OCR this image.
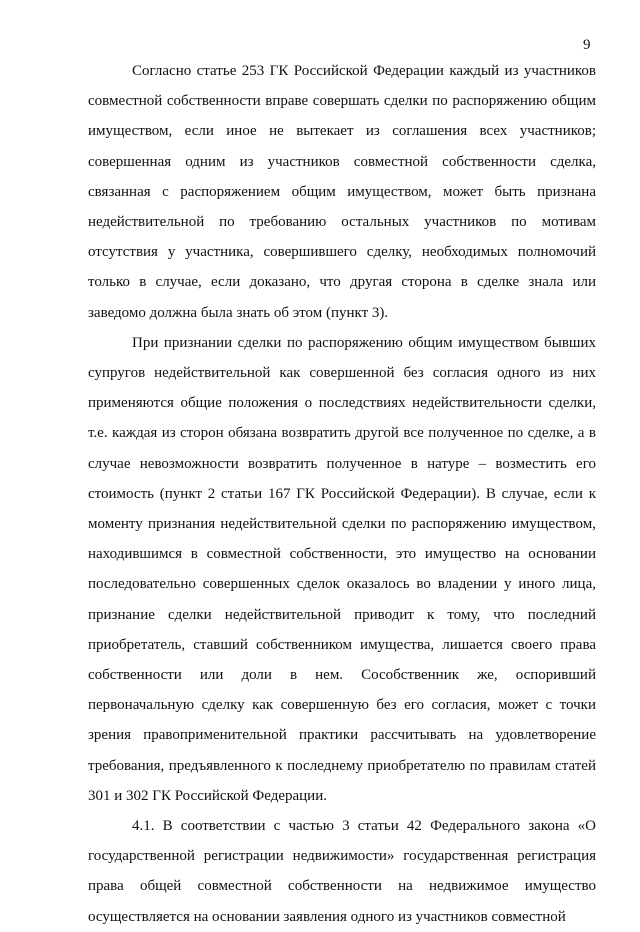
9

Согласно статье 253 ГК Российской Федерации каждый из участников совместной собственности вправе совершать сделки по распоряжению общим имуществом, если иное не вытекает из соглашения всех участников; совершенная одним из участников совместной собственности сделка, связанная с распоряжением общим имуществом, может быть признана недействительной по требованию остальных участников по мотивам отсутствия у участника, совершившего сделку, необходимых полномочий только в случае, если доказано, что другая сторона в сделке знала или заведомо должна была знать об этом (пункт 3).

При признании сделки по распоряжению общим имуществом бывших супругов недействительной как совершенной без согласия одного из них применяются общие положения о последствиях недействительности сделки, т.е. каждая из сторон обязана возвратить другой все полученное по сделке, а в случае невозможности возвратить полученное в натуре – возместить его стоимость (пункт 2 статьи 167 ГК Российской Федерации). В случае, если к моменту признания недействительной сделки по распоряжению имуществом, находившимся в совместной собственности, это имущество на основании последовательно совершенных сделок оказалось во владении у иного лица, признание сделки недействительной приводит к тому, что последний приобретатель, ставший собственником имущества, лишается своего права собственности или доли в нем. Сособственник же, оспоривший первоначальную сделку как совершенную без его согласия, может с точки зрения правоприменительной практики рассчитывать на удовлетворение требования, предъявленного к последнему приобретателю по правилам статей 301 и 302 ГК Российской Федерации.

4.1. В соответствии с частью 3 статьи 42 Федерального закона «О государственной регистрации недвижимости» государственная регистрация права общей совместной собственности на недвижимое имущество осуществляется на основании заявления одного из участников совместной
